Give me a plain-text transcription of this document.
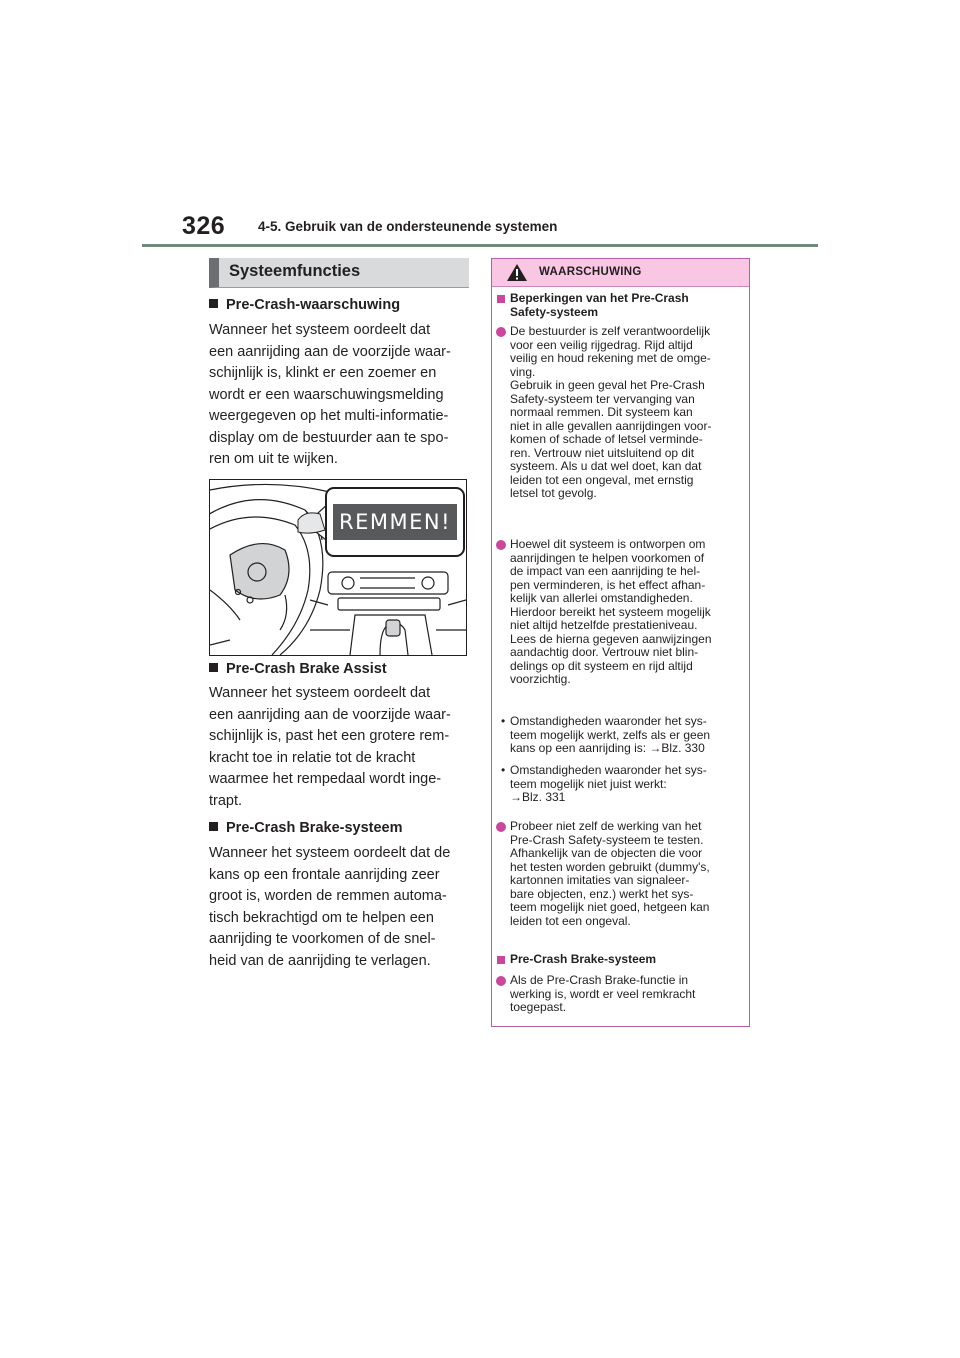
326 4-5. Gebruik van de ondersteunende systemen
Systeemfuncties
Pre-Crash-waarschuwing
Wanneer het systeem oordeelt dat
een aanrijding aan de voorzijde waar-
schijnlijk is, klinkt er een zoemer en
wordt er een waarschuwingsmelding
weergegeven op het multi-informatie-
display om de bestuurder aan te spo-
ren om uit te wijken.
REMMEN!
Pre-Crash Brake Assist
Wanneer het systeem oordeelt dat
een aanrijding aan de voorzijde waar-
schijnlijk is, past het een grotere rem-
kracht toe in relatie tot de kracht
waarmee het rempedaal wordt inge-
trapt.
Pre-Crash Brake-systeem
Wanneer het systeem oordeelt dat de
kans op een frontale aanrijding zeer
groot is, worden de remmen automa-
tisch bekrachtigd om te helpen een
aanrijding te voorkomen of de snel-
heid van de aanrijding te verlagen.
WAARSCHUWING
Beperkingen van het Pre-Crash
Safety-systeem
De bestuurder is zelf verantwoordelijk
voor een veilig rijgedrag. Rijd altijd
veilig en houd rekening met de omge-
ving.
Gebruik in geen geval het Pre-Crash
Safety-systeem ter vervanging van
normaal remmen. Dit systeem kan
niet in alle gevallen aanrijdingen voor-
komen of schade of letsel verminde-
ren. Vertrouw niet uitsluitend op dit
systeem. Als u dat wel doet, kan dat
leiden tot een ongeval, met ernstig
letsel tot gevolg.
Hoewel dit systeem is ontworpen om
aanrijdingen te helpen voorkomen of
de impact van een aanrijding te hel-
pen verminderen, is het effect afhan-
kelijk van allerlei omstandigheden.
Hierdoor bereikt het systeem mogelijk
niet altijd hetzelfde prestatieniveau.
Lees de hierna gegeven aanwijzingen
aandachtig door. Vertrouw niet blin-
delings op dit systeem en rijd altijd
voorzichtig.
• Omstandigheden waaronder het sys-
teem mogelijk werkt, zelfs als er geen
kans op een aanrijding is: →Blz. 330
• Omstandigheden waaronder het sys-
teem mogelijk niet juist werkt:
→Blz. 331
Probeer niet zelf de werking van het
Pre-Crash Safety-systeem te testen.
Afhankelijk van de objecten die voor
het testen worden gebruikt (dummy's,
kartonnen imitaties van signaleer-
bare objecten, enz.) werkt het sys-
teem mogelijk niet goed, hetgeen kan
leiden tot een ongeval.
Pre-Crash Brake-systeem
Als de Pre-Crash Brake-functie in
werking is, wordt er veel remkracht
toegepast.
